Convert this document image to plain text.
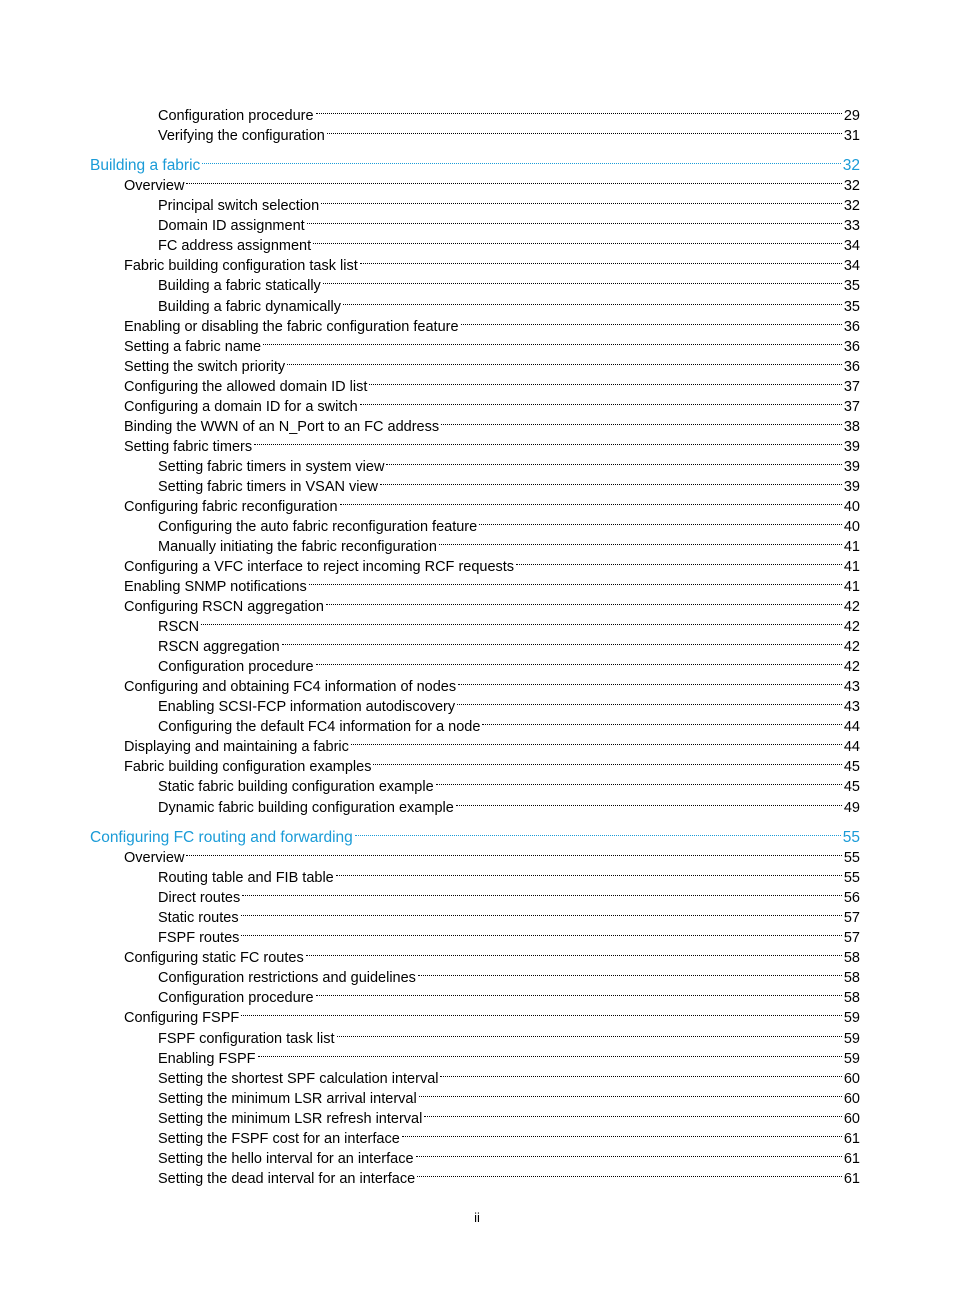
Configuration procedure	29
Verifying the configuration	31
Building a fabric	32
Overview	32
Principal switch selection	32
Domain ID assignment	33
FC address assignment	34
Fabric building configuration task list	34
Building a fabric statically	35
Building a fabric dynamically	35
Enabling or disabling the fabric configuration feature	36
Setting a fabric name	36
Setting the switch priority	36
Configuring the allowed domain ID list	37
Configuring a domain ID for a switch	37
Binding the WWN of an N_Port to an FC address	38
Setting fabric timers	39
Setting fabric timers in system view	39
Setting fabric timers in VSAN view	39
Configuring fabric reconfiguration	40
Configuring the auto fabric reconfiguration feature	40
Manually initiating the fabric reconfiguration	41
Configuring a VFC interface to reject incoming RCF requests	41
Enabling SNMP notifications	41
Configuring RSCN aggregation	42
RSCN	42
RSCN aggregation	42
Configuration procedure	42
Configuring and obtaining FC4 information of nodes	43
Enabling SCSI-FCP information autodiscovery	43
Configuring the default FC4 information for a node	44
Displaying and maintaining a fabric	44
Fabric building configuration examples	45
Static fabric building configuration example	45
Dynamic fabric building configuration example	49
Configuring FC routing and forwarding	55
Overview	55
Routing table and FIB table	55
Direct routes	56
Static routes	57
FSPF routes	57
Configuring static FC routes	58
Configuration restrictions and guidelines	58
Configuration procedure	58
Configuring FSPF	59
FSPF configuration task list	59
Enabling FSPF	59
Setting the shortest SPF calculation interval	60
Setting the minimum LSR arrival interval	60
Setting the minimum LSR refresh interval	60
Setting the FSPF cost for an interface	61
Setting the hello interval for an interface	61
Setting the dead interval for an interface	61
ii
